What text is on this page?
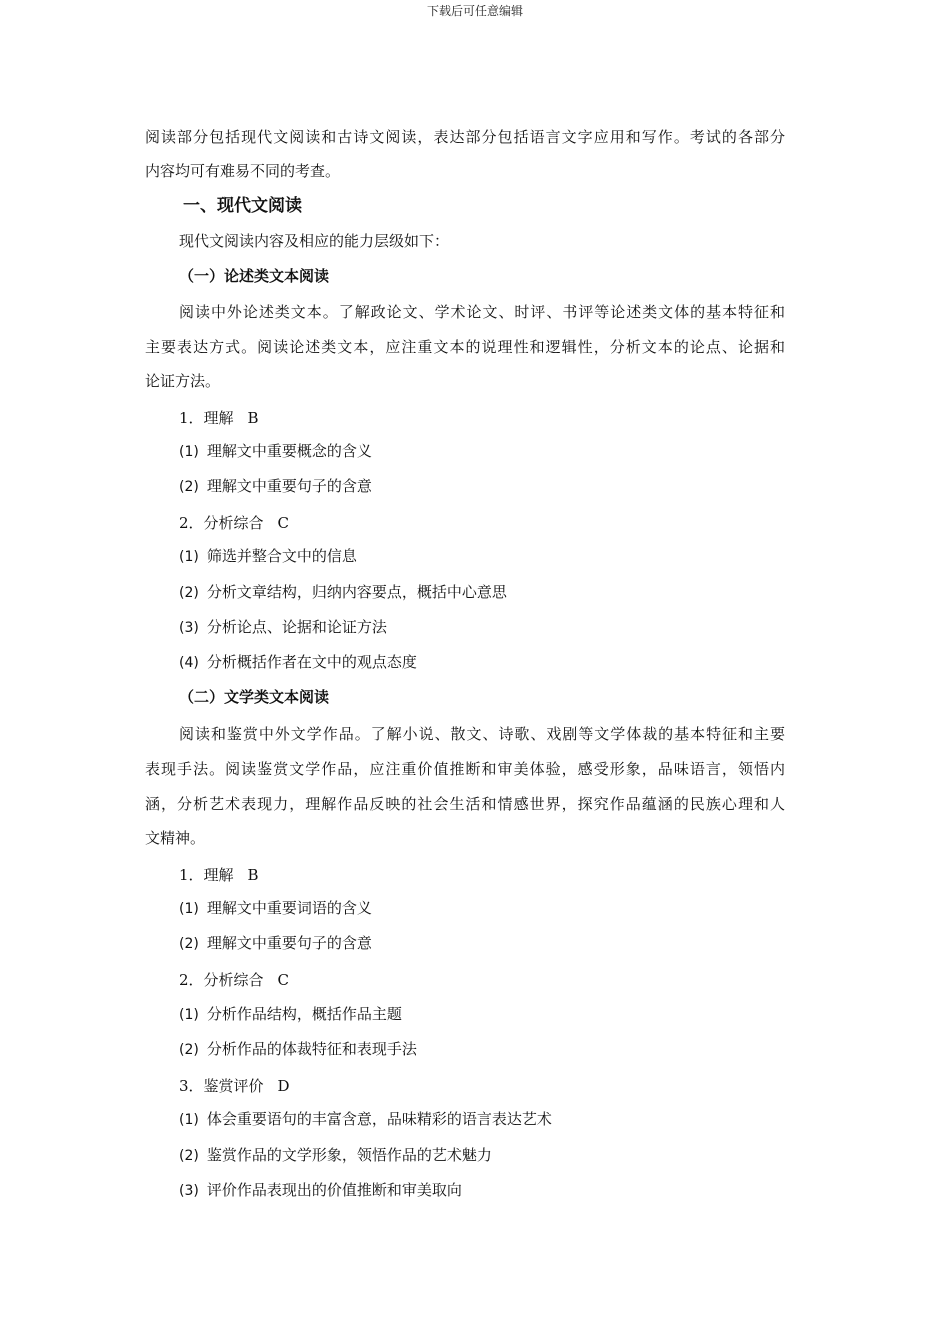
下载后可任意编辑
阅读部分包括现代文阅读和古诗文阅读，表达部分包括语言文字应用和写作。考试的各部分
内容均可有难易不同的考查。
一、现代文阅读
现代文阅读内容及相应的能力层级如下：
（一）论述类文本阅读
阅读中外论述类文本。了解政论文、学术论文、时评、书评等论述类文体的基本特征和
主要表达方式。阅读论述类文本，应注重文本的说理性和逻辑性，分析文本的论点、论据和
论证方法。
1．理解 B
(1) 理解文中重要概念的含义
(2) 理解文中重要句子的含意
2．分析综合 C
(1) 筛选并整合文中的信息
(2) 分析文章结构，归纳内容要点，概括中心意思
(3) 分析论点、论据和论证方法
(4) 分析概括作者在文中的观点态度
（二）文学类文本阅读
阅读和鉴赏中外文学作品。了解小说、散文、诗歌、戏剧等文学体裁的基本特征和主要
表现手法。阅读鉴赏文学作品，应注重价值推断和审美体验，感受形象，品味语言，领悟内
涵，分析艺术表现力，理解作品反映的社会生活和情感世界，探究作品蕴涵的民族心理和人
文精神。
1．理解 B
(1) 理解文中重要词语的含义
(2) 理解文中重要句子的含意
2．分析综合 C
(1) 分析作品结构，概括作品主题
(2) 分析作品的体裁特征和表现手法
3．鉴赏评价 D
(1) 体会重要语句的丰富含意，品味精彩的语言表达艺术
(2) 鉴赏作品的文学形象，领悟作品的艺术魅力
(3) 评价作品表现出的价值推断和审美取向
